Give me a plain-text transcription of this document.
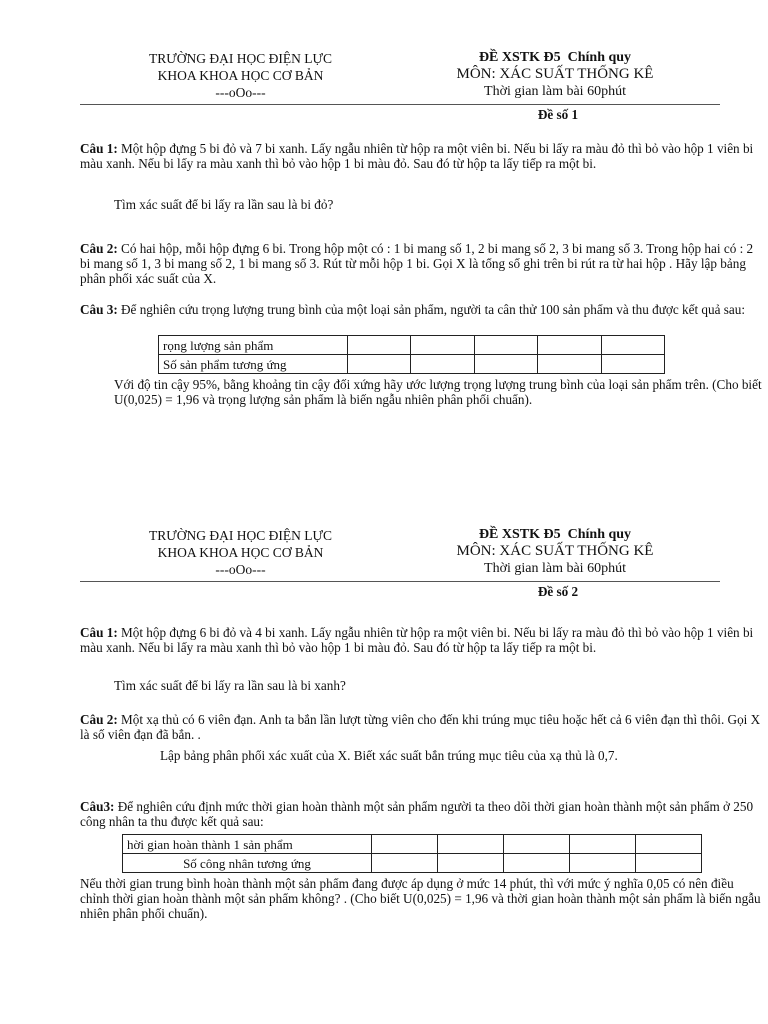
TRƯỜNG ĐẠI HỌC ĐIỆN LỰC
KHOA KHOA HỌC CƠ BẢN
---oOo---
ĐỀ XSTK Đ5 Chính quy
MÔN: XÁC SUẤT THỐNG KÊ
Thời gian làm bài 60phút
Đề số 1

Câu 1: Một hộp đựng 5 bi đỏ và 7 bi xanh. Lấy ngẫu nhiên từ hộp ra một viên bi. Nếu bi lấy ra màu đỏ thì bỏ vào hộp 1 viên bi màu xanh. Nếu bi lấy ra màu xanh thì bỏ vào hộp 1 bi màu đỏ. Sau đó từ hộp ta lấy tiếp ra một bi.

Tìm xác suất để bi lấy ra lần sau là bi đỏ?

Câu 2: Có hai hộp, mỗi hộp đựng 6 bi. Trong hộp một có : 1 bi mang số 1, 2 bi mang số 2, 3 bi mang số 3. Trong hộp hai có : 2 bi mang số 1, 3 bi mang số 2, 1 bi mang số 3. Rút từ mỗi hộp 1 bi. Gọi X là tổng số ghi trên bi rút ra từ hai hộp . Hãy lập bảng phân phối xác suất của X.

Câu 3: Để nghiên cứu trọng lượng trung bình của một loại sản phẩm, người ta cân thử 100 sản phẩm và thu được kết quả sau:

rọng lượng sản phẩm					
Số sản phẩm tương ứng					

Với độ tin cậy 95%, bằng khoảng tin cậy đối xứng hãy ước lượng trọng lượng trung bình của loại sản phẩm trên. (Cho biết U(0,025) = 1,96 và trọng lượng sản phẩm là biến ngẫu nhiên phân phối chuẩn).

TRƯỜNG ĐẠI HỌC ĐIỆN LỰC
KHOA KHOA HỌC CƠ BẢN
---oOo---
ĐỀ XSTK Đ5 Chính quy
MÔN: XÁC SUẤT THỐNG KÊ
Thời gian làm bài 60phút
Đề số 2

Câu 1: Một hộp đựng 6 bi đỏ và 4 bi xanh. Lấy ngẫu nhiên từ hộp ra một viên bi. Nếu bi lấy ra màu đỏ thì bỏ vào hộp 1 viên bi màu xanh. Nếu bi lấy ra màu xanh thì bỏ vào hộp 1 bi màu đỏ. Sau đó từ hộp ta lấy tiếp ra một bi.

Tìm xác suất để bi lấy ra lần sau là bi xanh?

Câu 2: Một xạ thủ có 6 viên đạn. Anh ta bắn lần lượt từng viên cho đến khi trúng mục tiêu hoặc hết cả 6 viên đạn thì thôi. Gọi X là số viên đạn đã bắn. .

Lập bảng phân phối xác xuất của X. Biết xác suất bắn trúng mục tiêu của xạ thủ là 0,7.

Câu3: Để nghiên cứu định mức thời gian hoàn thành một sản phẩm người ta theo dõi thời gian hoàn thành một sản phẩm ở 250 công nhân ta thu được kết quả sau:

hời gian hoàn thành 1 sản phẩm					
Số công nhân tương ứng					

Nếu thời gian trung bình hoàn thành một sản phẩm đang được áp dụng ở mức 14 phút, thì với mức ý nghĩa 0,05 có nên điều chỉnh thời gian hoàn thành một sản phẩm không? . (Cho biết U(0,025) = 1,96 và thời gian hoàn thành một sản phẩm là biến ngẫu nhiên phân phối chuẩn).
